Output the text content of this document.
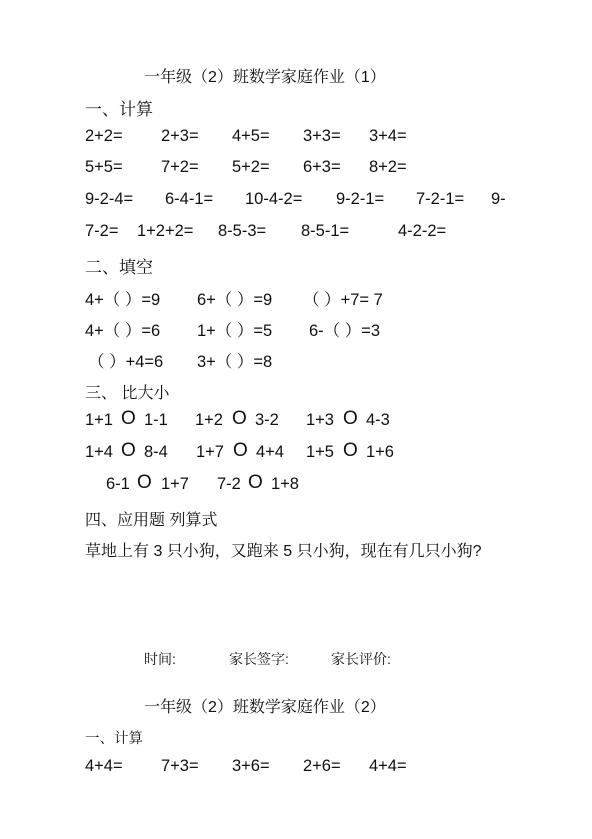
一年级（2）班数学家庭作业（1）
一、计算
2+2= 2+3= 4+5= 3+3= 3+4=
5+5= 7+2= 5+2= 6+3= 8+2=
9-2-4= 6-4-1= 10-4-2= 9-2-1= 7-2-1= 9-
7-2= 1+2+2= 8-5-3= 8-5-1=	4-2-2=
二、填空
4+（ ）=9 6+（ ）=9 （ ）+7= 7
4+（ ）=6 1+（ ）=5 6-（ ）=3
（ ）+4=6 3+（ ）=8
三、 比大小
1+1 O 1-1 1+2 O 3-2 1+3 O 4-3
1+4 O 8-4 1+7 O 4+4 1+5 O 1+6
6-1 O 1+7 7-2 O 1+8
四、应用题 列算式
草地上有 3 只小狗，又跑来 5 只小狗，现在有几只小狗?
时间:	家长签字:	家长评价:
一年级（2）班数学家庭作业（2）
一、计算
4+4= 7+3= 3+6= 2+6= 4+4=
